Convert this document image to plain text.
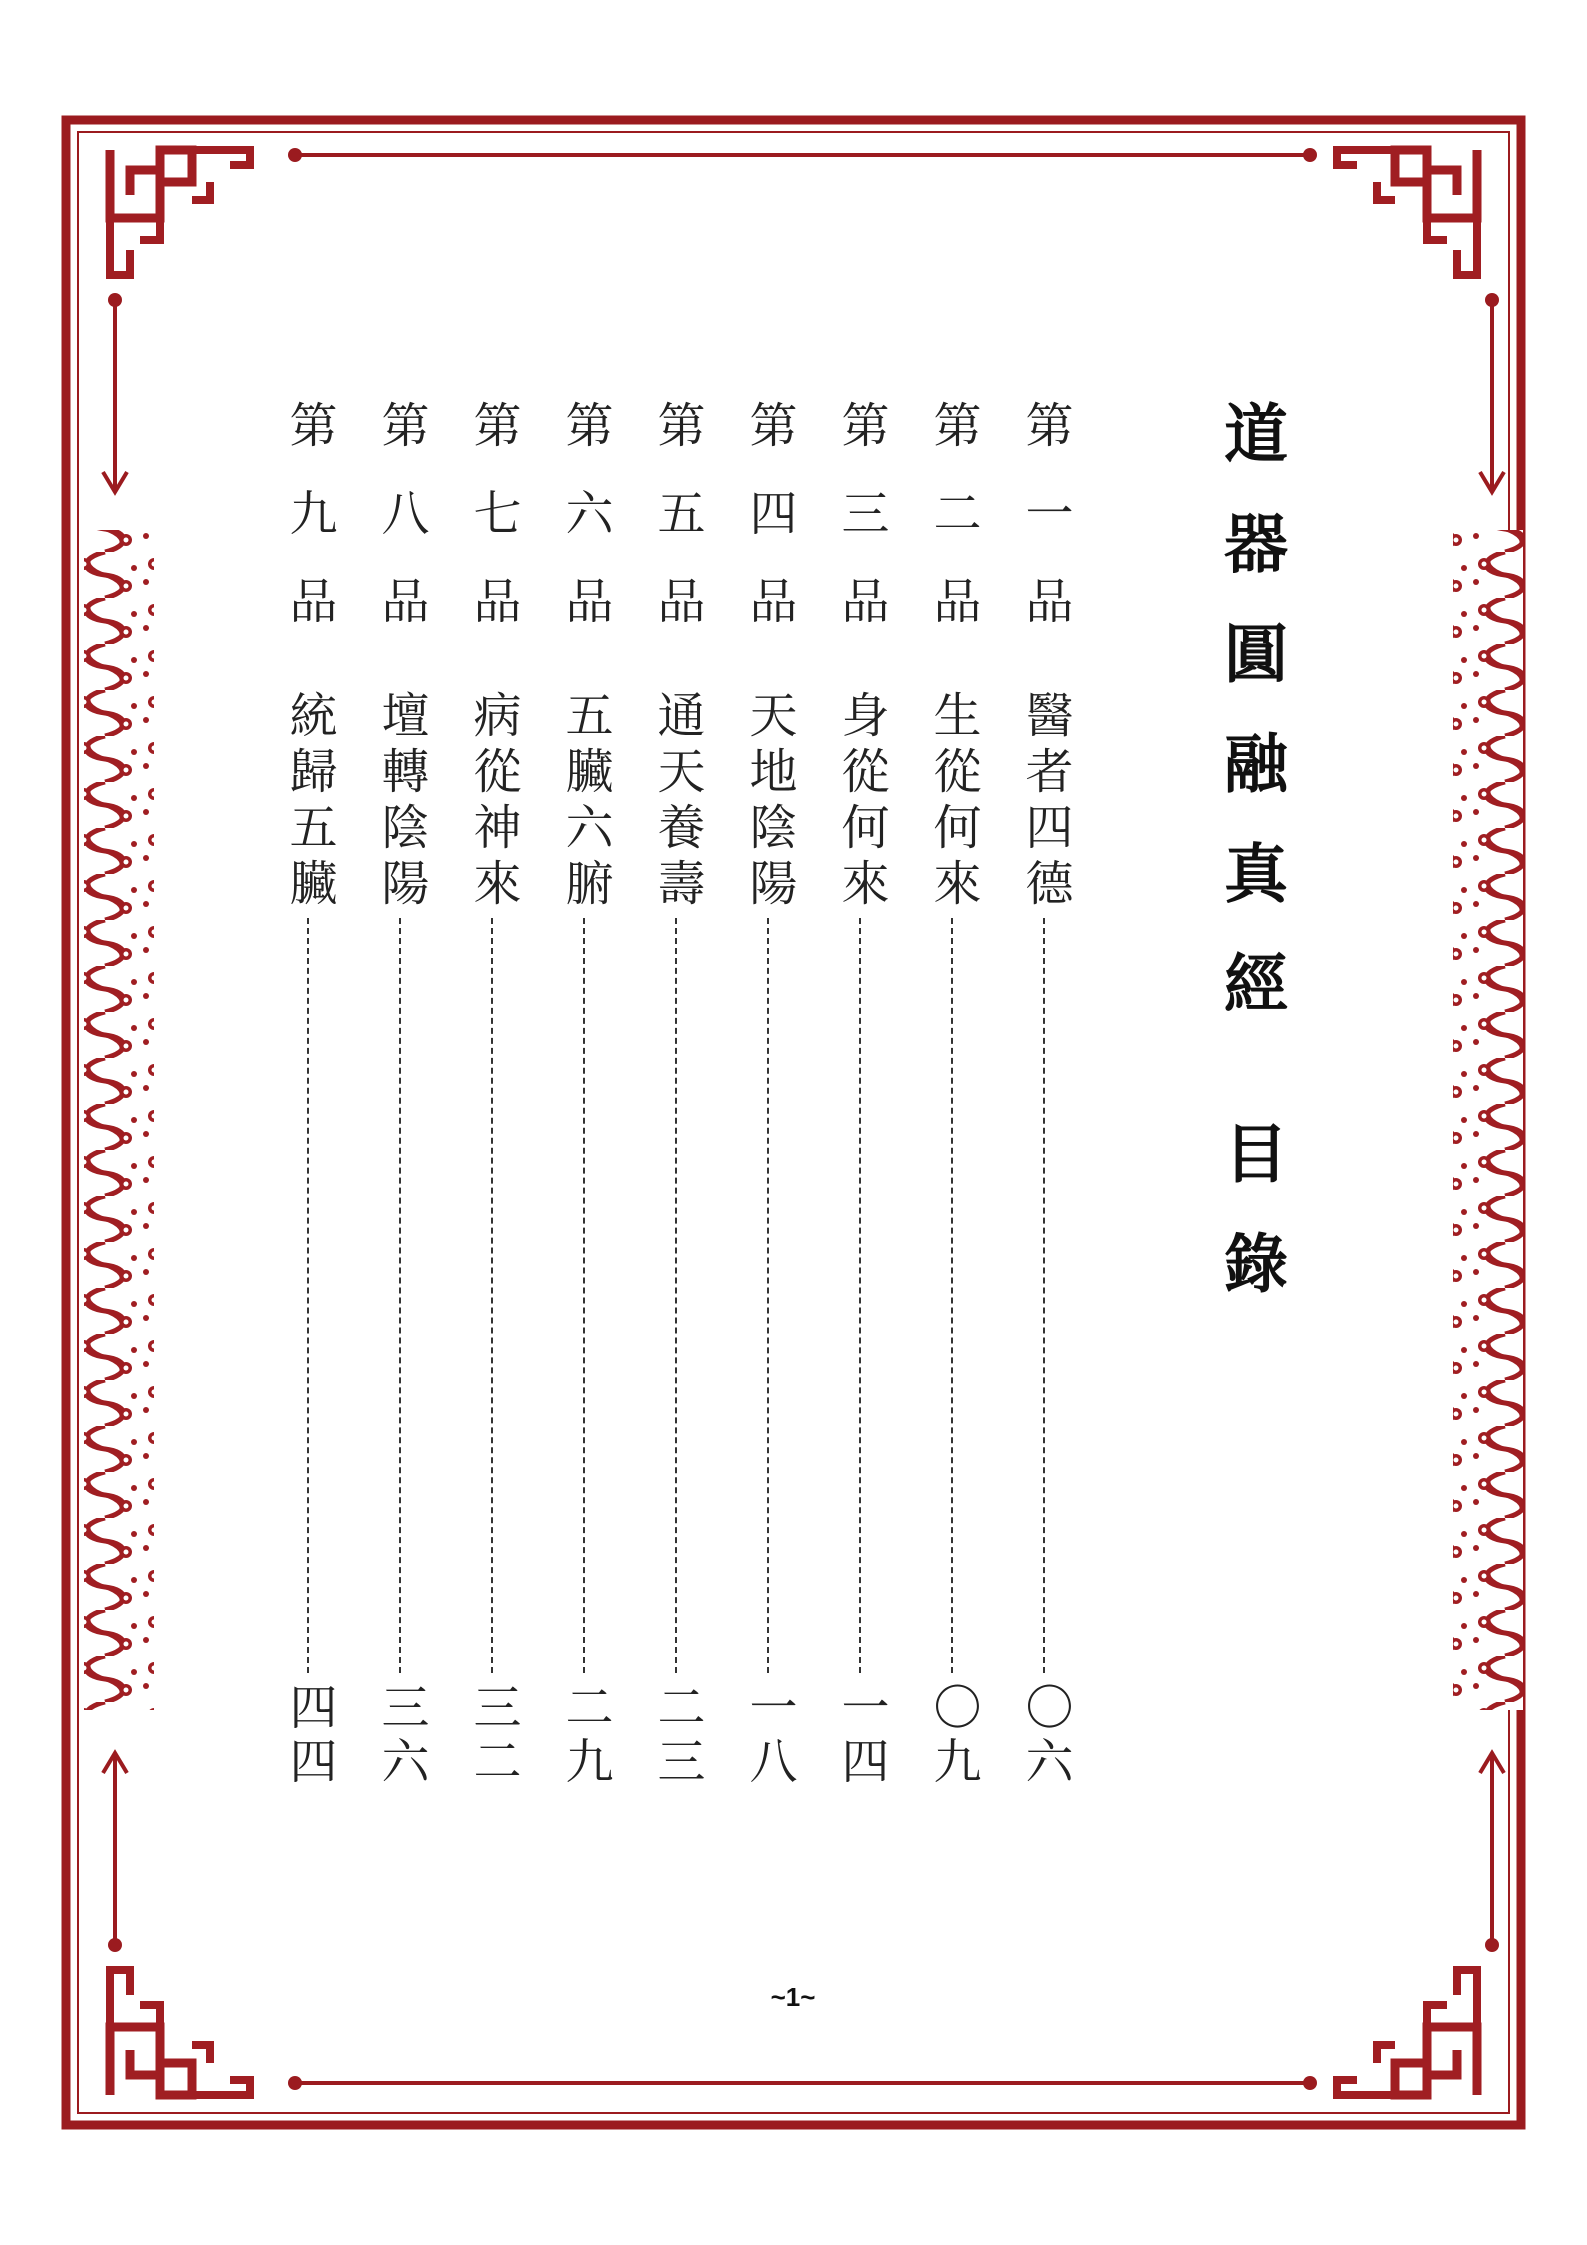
道器圓融真經目錄
第一品
醫者四德
〇六
第二品
生從何來
〇九
第三品
身從何來
一四
第四品
天地陰陽
一八
第五品
通天養壽
二三
第六品
五臟六腑
二九
第七品
病從神來
三二
第八品
壇轉陰陽
三六
第九品
統歸五臟
四四
~1~
